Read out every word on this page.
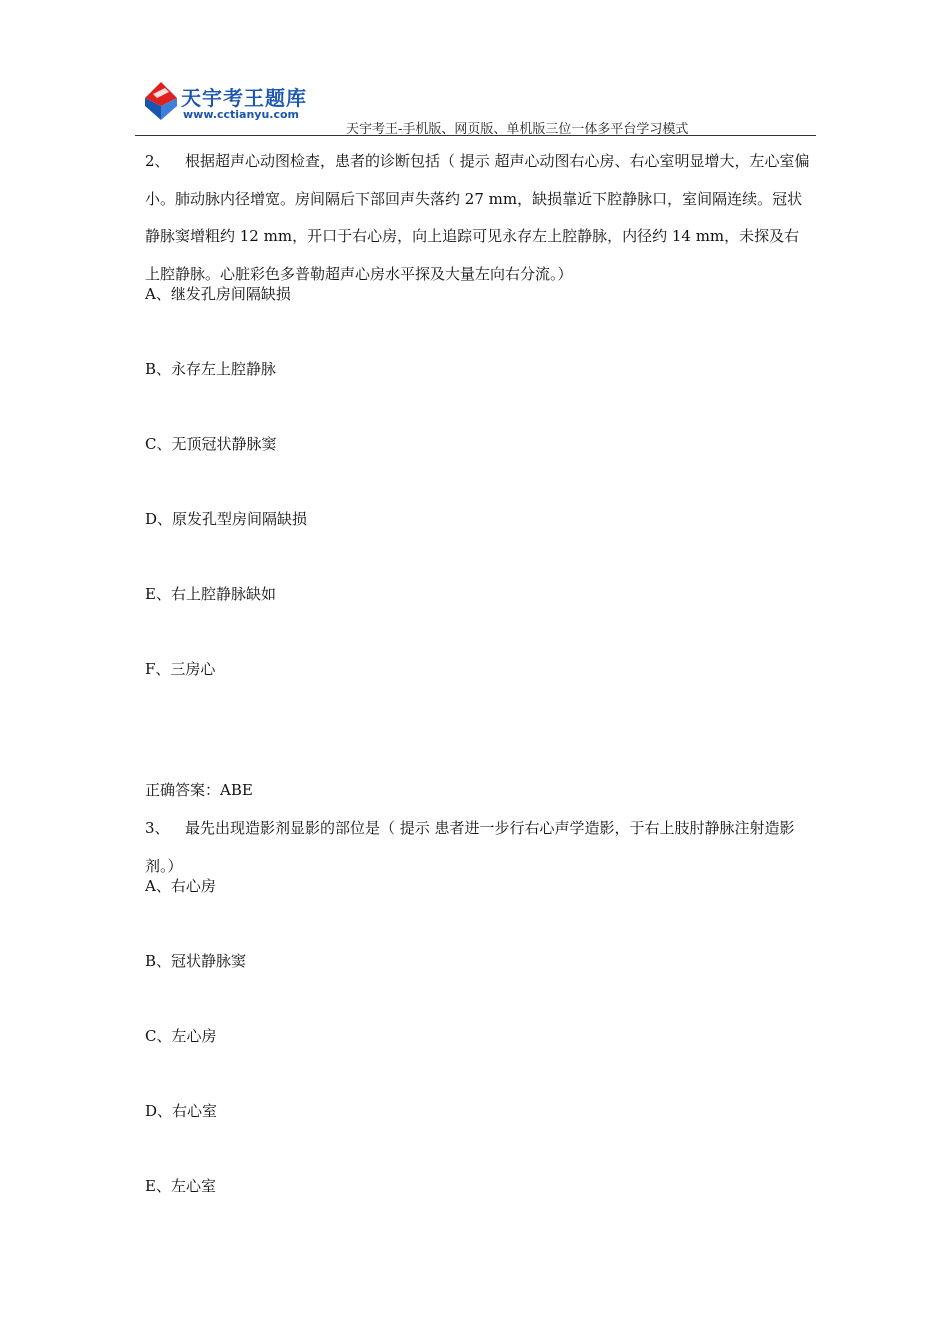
天宇考王题库
www.cctianyu.com
天宇考王-手机版、网页版、单机版三位一体多平台学习模式

2、 根据超声心动图检查，患者的诊断包括（ 提示 超声心动图右心房、右心室明显增大，左心室偏小。肺动脉内径增宽。房间隔后下部回声失落约 27 mm，缺损靠近下腔静脉口，室间隔连续。冠状静脉窦增粗约 12 mm，开口于右心房，向上追踪可见永存左上腔静脉，内径约 14 mm，未探及右上腔静脉。心脏彩色多普勒超声心房水平探及大量左向右分流。）

A、继发孔房间隔缺损

B、永存左上腔静脉

C、无顶冠状静脉窦

D、原发孔型房间隔缺损

E、右上腔静脉缺如

F、三房心

正确答案：ABE

3、 最先出现造影剂显影的部位是（ 提示 患者进一步行右心声学造影，于右上肢肘静脉注射造影剂。）

A、右心房

B、冠状静脉窦

C、左心房

D、右心室

E、左心室
